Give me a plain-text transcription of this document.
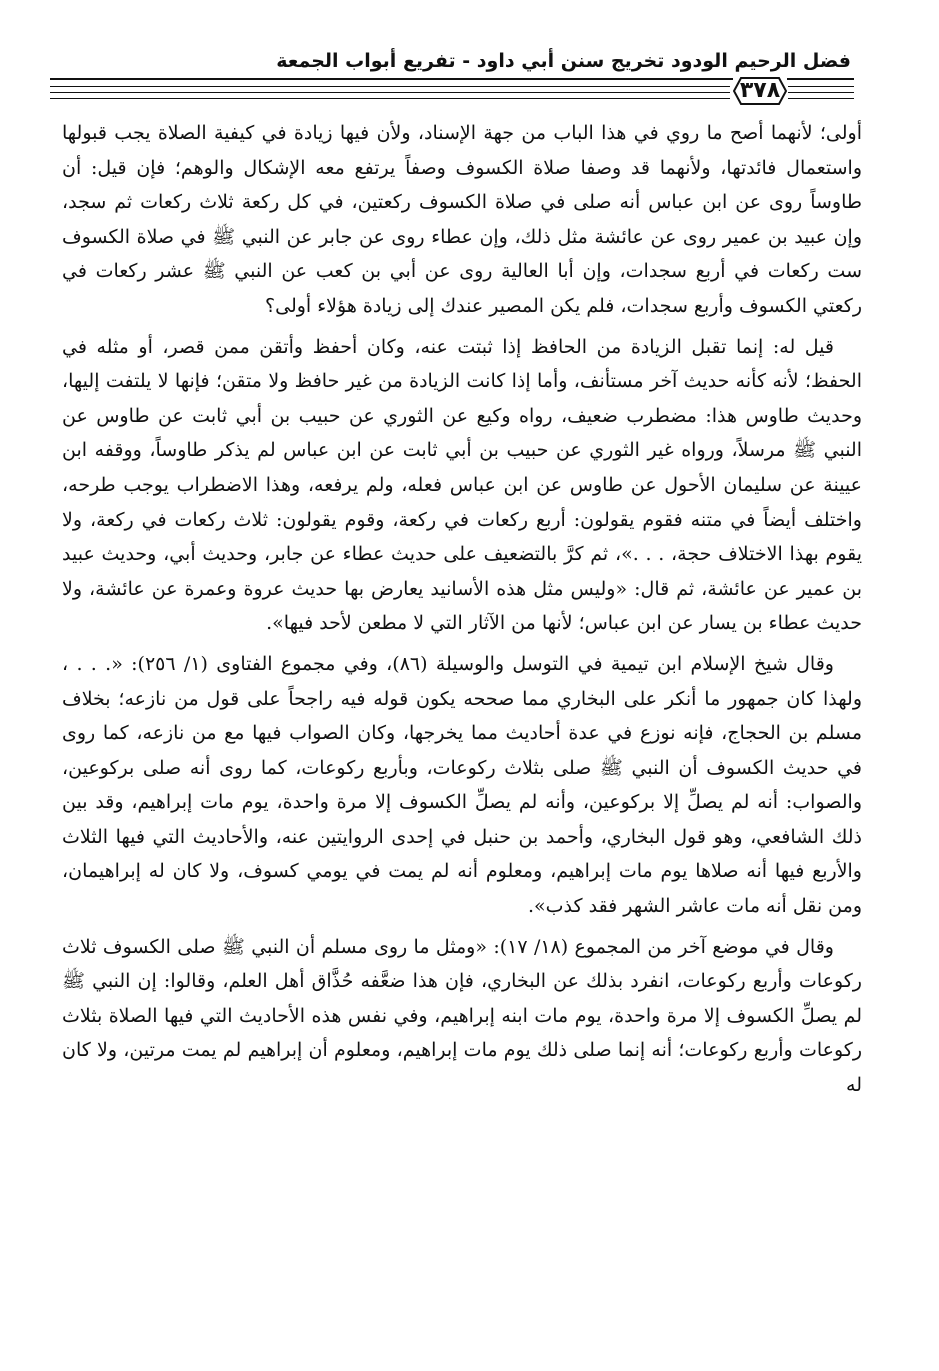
فضل الرحيم الودود تخريج سنن أبي داود - تفريع أبواب الجمعة
٣٧٨

أولى؛ لأنهما أصح ما روي في هذا الباب من جهة الإسناد، ولأن فيها زيادة في كيفية الصلاة يجب قبولها واستعمال فائدتها، ولأنهما قد وصفا صلاة الكسوف وصفاً يرتفع معه الإشكال والوهم؛ فإن قيل: أن طاوساً روى عن ابن عباس أنه صلى في صلاة الكسوف ركعتين، في كل ركعة ثلاث ركعات ثم سجد، وإن عبيد بن عمير روى عن عائشة مثل ذلك، وإن عطاء روى عن جابر عن النبي ﷺ في صلاة الكسوف ست ركعات في أربع سجدات، وإن أبا العالية روى عن أبي بن كعب عن النبي ﷺ عشر ركعات في ركعتي الكسوف وأربع سجدات، فلم يكن المصير عندك إلى زيادة هؤلاء أولى؟

قيل له: إنما تقبل الزيادة من الحافظ إذا ثبتت عنه، وكان أحفظ وأتقن ممن قصر، أو مثله في الحفظ؛ لأنه كأنه حديث آخر مستأنف، وأما إذا كانت الزيادة من غير حافظ ولا متقن؛ فإنها لا يلتفت إليها، وحديث طاوس هذا: مضطرب ضعيف، رواه وكيع عن الثوري عن حبيب بن أبي ثابت عن طاوس عن النبي ﷺ مرسلاً، ورواه غير الثوري عن حبيب بن أبي ثابت عن ابن عباس لم يذكر طاوساً، ووقفه ابن عيينة عن سليمان الأحول عن طاوس عن ابن عباس فعله، ولم يرفعه، وهذا الاضطراب يوجب طرحه، واختلف أيضاً في متنه فقوم يقولون: أربع ركعات في ركعة، وقوم يقولون: ثلاث ركعات في ركعة، ولا يقوم بهذا الاختلاف حجة، . . .»، ثم كرَّ بالتضعيف على حديث عطاء عن جابر، وحديث أبي، وحديث عبيد بن عمير عن عائشة، ثم قال: «وليس مثل هذه الأسانيد يعارض بها حديث عروة وعمرة عن عائشة، ولا حديث عطاء بن يسار عن ابن عباس؛ لأنها من الآثار التي لا مطعن لأحد فيها».

وقال شيخ الإسلام ابن تيمية في التوسل والوسيلة (٨٦)، وفي مجموع الفتاوى (١/ ٢٥٦): «. . . ، ولهذا كان جمهور ما أنكر على البخاري مما صححه يكون قوله فيه راجحاً على قول من نازعه؛ بخلاف مسلم بن الحجاج، فإنه نوزع في عدة أحاديث مما يخرجها، وكان الصواب فيها مع من نازعه، كما روى في حديث الكسوف أن النبي ﷺ صلى بثلاث ركوعات، وبأربع ركوعات، كما روى أنه صلى بركوعين، والصواب: أنه لم يصلِّ إلا بركوعين، وأنه لم يصلِّ الكسوف إلا مرة واحدة، يوم مات إبراهيم، وقد بين ذلك الشافعي، وهو قول البخاري، وأحمد بن حنبل في إحدى الروايتين عنه، والأحاديث التي فيها الثلاث والأربع فيها أنه صلاها يوم مات إبراهيم، ومعلوم أنه لم يمت في يومي كسوف، ولا كان له إبراهيمان، ومن نقل أنه مات عاشر الشهر فقد كذب».

وقال في موضع آخر من المجموع (١٨/ ١٧): «ومثل ما روى مسلم أن النبي ﷺ صلى الكسوف ثلاث ركوعات وأربع ركوعات، انفرد بذلك عن البخاري، فإن هذا ضعَّفه حُذَّاق أهل العلم، وقالوا: إن النبي ﷺ لم يصلِّ الكسوف إلا مرة واحدة، يوم مات ابنه إبراهيم، وفي نفس هذه الأحاديث التي فيها الصلاة بثلاث ركوعات وأربع ركوعات؛ أنه إنما صلى ذلك يوم مات إبراهيم، ومعلوم أن إبراهيم لم يمت مرتين، ولا كان له
